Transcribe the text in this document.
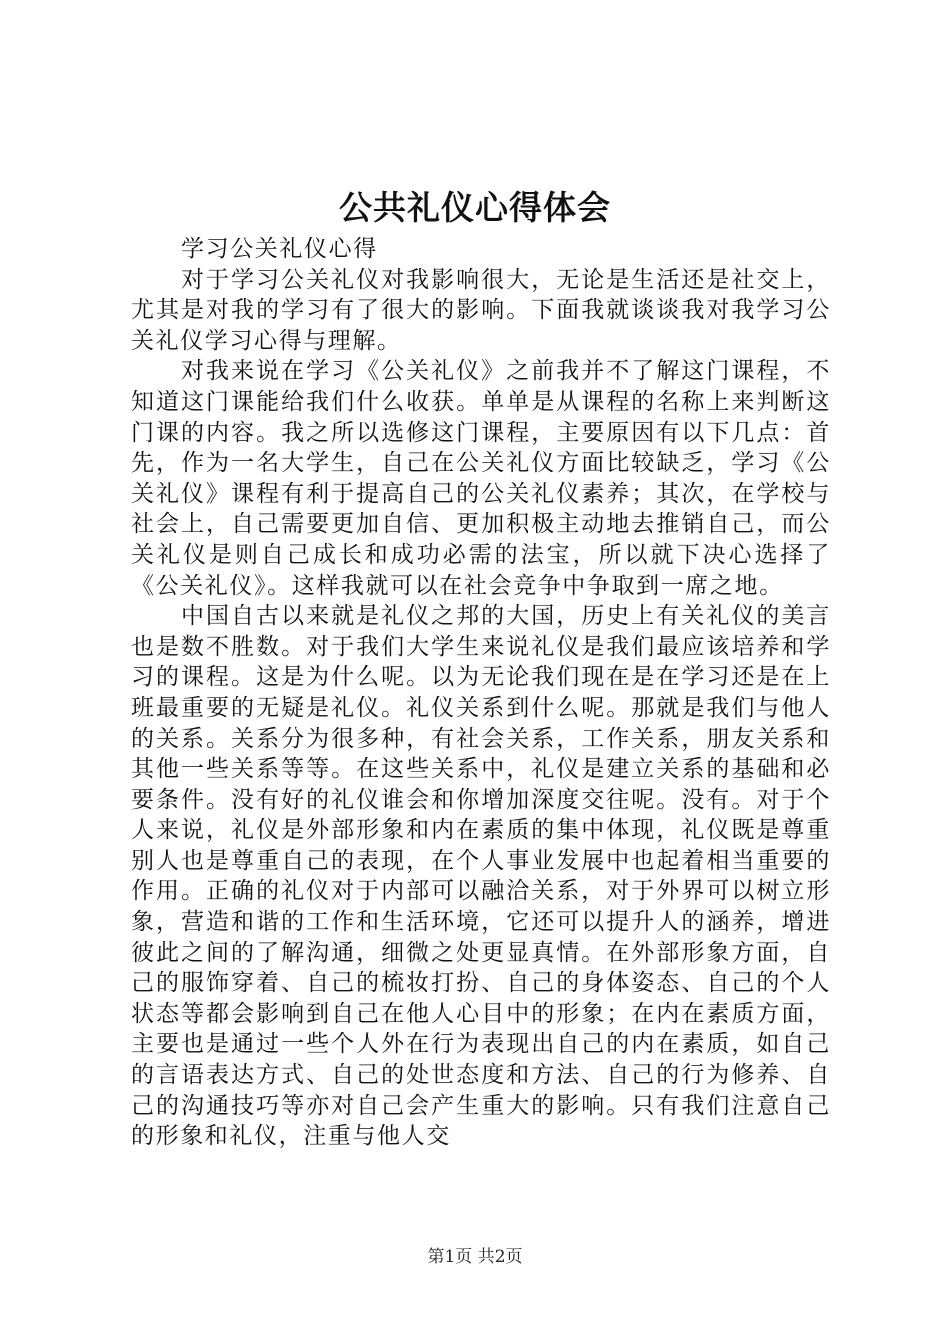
公共礼仪心得体会

学习公关礼仪心得

对于学习公关礼仪对我影响很大，无论是生活还是社交上，尤其是对我的学习有了很大的影响。下面我就谈谈我对我学习公关礼仪学习心得与理解。

对我来说在学习《公关礼仪》之前我并不了解这门课程，不知道这门课能给我们什么收获。单单是从课程的名称上来判断这门课的内容。我之所以选修这门课程，主要原因有以下几点：首先，作为一名大学生，自己在公关礼仪方面比较缺乏，学习《公关礼仪》课程有利于提高自己的公关礼仪素养；其次，在学校与社会上，自己需要更加自信、更加积极主动地去推销自己，而公关礼仪是则自己成长和成功必需的法宝，所以就下决心选择了《公关礼仪》。这样我就可以在社会竞争中争取到一席之地。

中国自古以来就是礼仪之邦的大国，历史上有关礼仪的美言也是数不胜数。对于我们大学生来说礼仪是我们最应该培养和学习的课程。这是为什么呢。以为无论我们现在是在学习还是在上班最重要的无疑是礼仪。礼仪关系到什么呢。那就是我们与他人的关系。关系分为很多种，有社会关系，工作关系，朋友关系和其他一些关系等等。在这些关系中，礼仪是建立关系的基础和必要条件。没有好的礼仪谁会和你增加深度交往呢。没有。对于个人来说，礼仪是外部形象和内在素质的集中体现，礼仪既是尊重别人也是尊重自己的表现，在个人事业发展中也起着相当重要的作用。正确的礼仪对于内部可以融洽关系，对于外界可以树立形象，营造和谐的工作和生活环境，它还可以提升人的涵养，增进彼此之间的了解沟通，细微之处更显真情。在外部形象方面，自己的服饰穿着、自己的梳妆打扮、自己的身体姿态、自己的个人状态等都会影响到自己在他人心目中的形象；在内在素质方面，主要也是通过一些个人外在行为表现出自己的内在素质，如自己的言语表达方式、自己的处世态度和方法、自己的行为修养、自己的沟通技巧等亦对自己会产生重大的影响。只有我们注意自己的形象和礼仪，注重与他人交

第1页 共2页
